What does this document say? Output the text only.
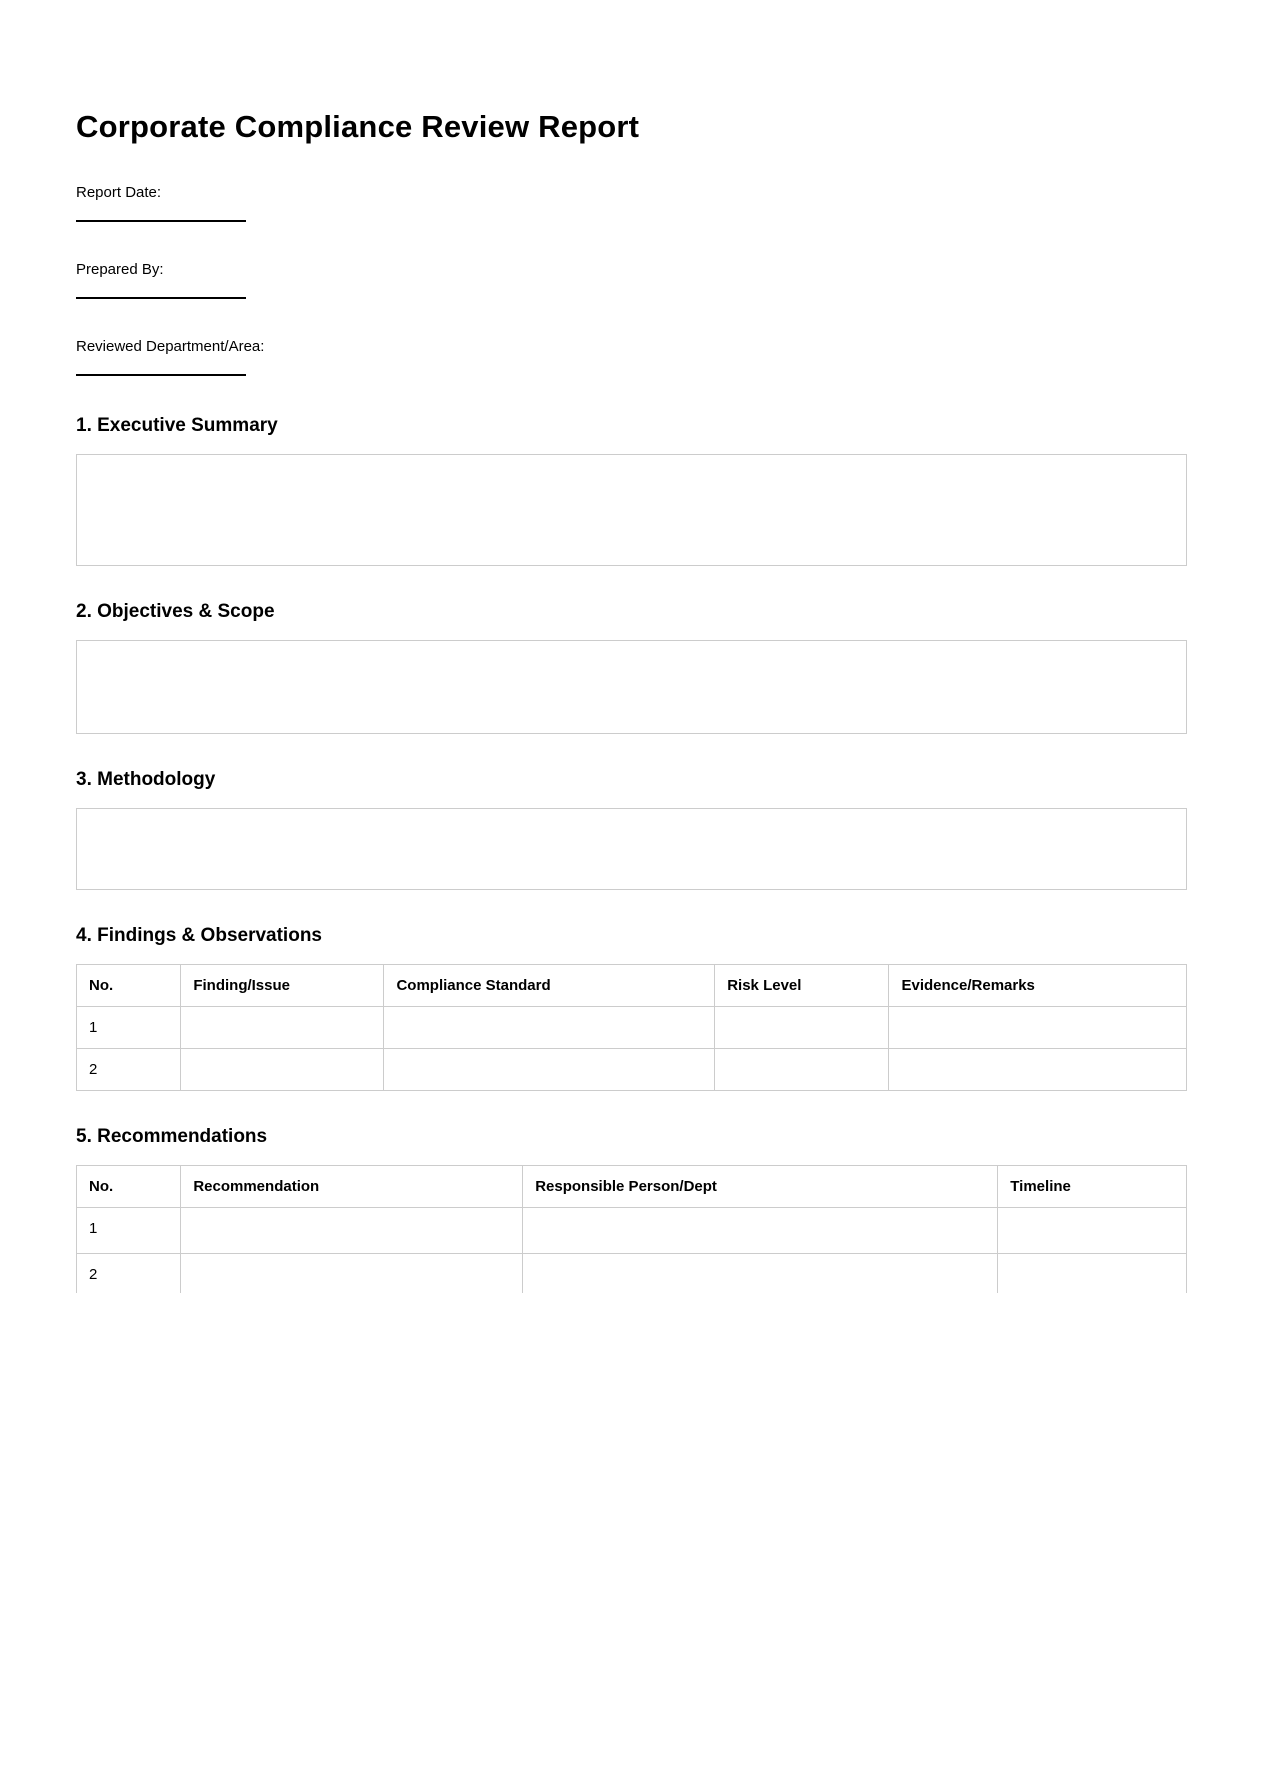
Corporate Compliance Review Report
Report Date:
Prepared By:
Reviewed Department/Area:
1. Executive Summary
2. Objectives & Scope
3. Methodology
4. Findings & Observations
No.	Finding/Issue	Compliance Standard	Risk Level	Evidence/Remarks
1				
2				
5. Recommendations
No.	Recommendation	Responsible Person/Dept	Timeline
1			
2			
